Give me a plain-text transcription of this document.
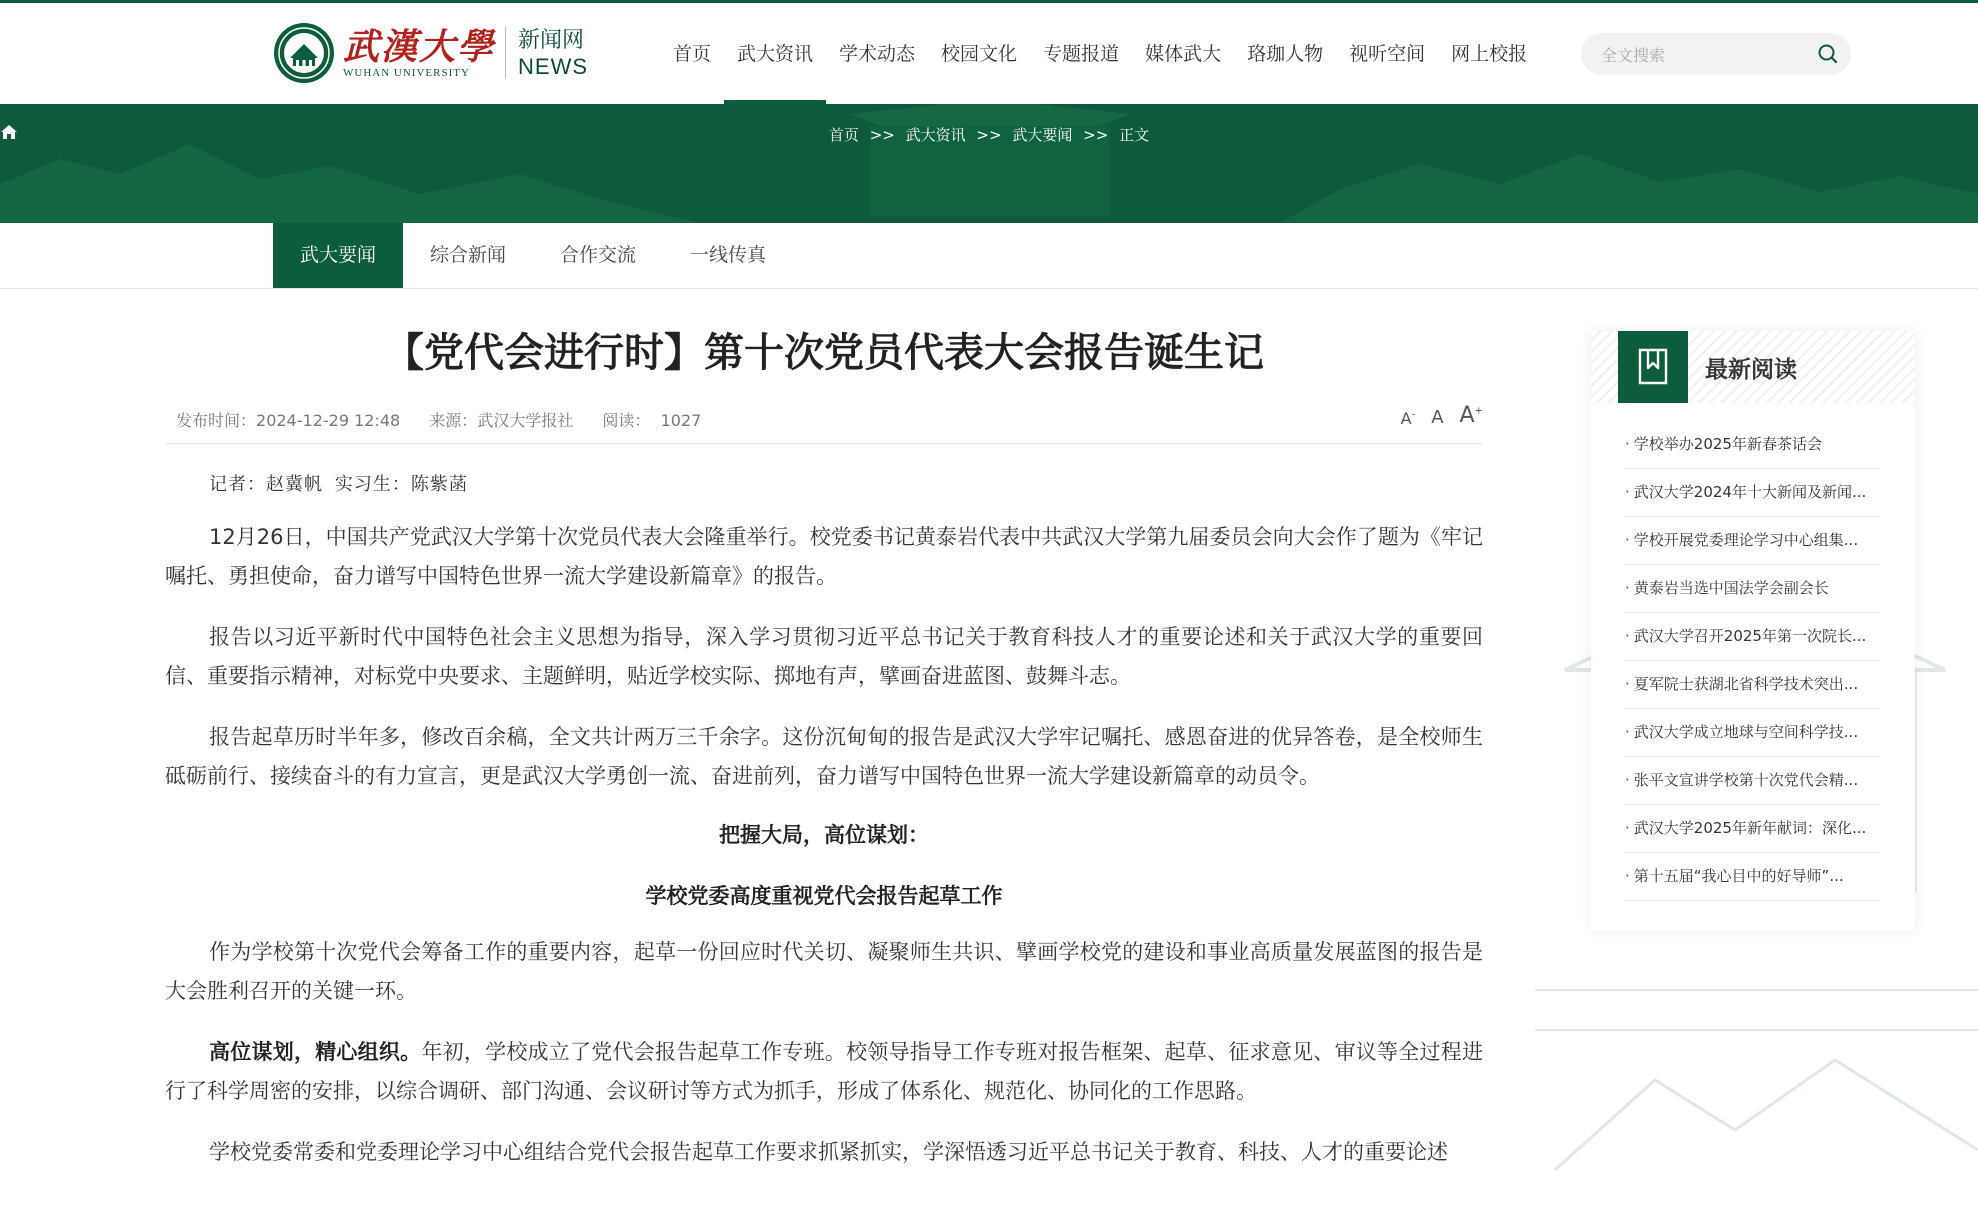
武漢大學
WUHAN UNIVERSITY
新闻网
NEWS	首页	武大资讯	学术动态	校园文化	专题报道	媒体武大	珞珈人物	视听空间	网上校报
全文搜索
首页 >> 武大资讯 >> 武大要闻 >> 正文
武大要闻	综合新闻	合作交流	一线传真
【党代会进行时】第十次党员代表大会报告诞生记
发布时间：2024-12-29 12:48 来源：武汉大学报社 阅读： 1027	A- A A+
记者：赵冀帆 实习生：陈紫菡

12月26日，中国共产党武汉大学第十次党员代表大会隆重举行。校党委书记黄泰岩代表中共武汉大学第九届委员会向大会作了题为《牢记嘱托、勇担使命，奋力谱写中国特色世界一流大学建设新篇章》的报告。

报告以习近平新时代中国特色社会主义思想为指导，深入学习贯彻习近平总书记关于教育科技人才的重要论述和关于武汉大学的重要回信、重要指示精神，对标党中央要求、主题鲜明，贴近学校实际、掷地有声，擘画奋进蓝图、鼓舞斗志。

报告起草历时半年多，修改百余稿，全文共计两万三千余字。这份沉甸甸的报告是武汉大学牢记嘱托、感恩奋进的优异答卷，是全校师生砥砺前行、接续奋斗的有力宣言，更是武汉大学勇创一流、奋进前列，奋力谱写中国特色世界一流大学建设新篇章的动员令。

把握大局，高位谋划：
学校党委高度重视党代会报告起草工作

作为学校第十次党代会筹备工作的重要内容，起草一份回应时代关切、凝聚师生共识、擘画学校党的建设和事业高质量发展蓝图的报告是大会胜利召开的关键一环。

高位谋划，精心组织。年初，学校成立了党代会报告起草工作专班。校领导指导工作专班对报告框架、起草、征求意见、审议等全过程进行了科学周密的安排，以综合调研、部门沟通、会议研讨等方式为抓手，形成了体系化、规范化、协同化的工作思路。

学校党委常委和党委理论学习中心组结合党代会报告起草工作要求抓紧抓实，学深悟透习近平总书记关于教育、科技、人才的重要论述

最新阅读
· 学校举办2025年新春茶话会
· 武汉大学2024年十大新闻及新闻...
· 学校开展党委理论学习中心组集...
· 黄泰岩当选中国法学会副会长
· 武汉大学召开2025年第一次院长...
· 夏军院士获湖北省科学技术突出...
· 武汉大学成立地球与空间科学技...
· 张平文宣讲学校第十次党代会精...
· 武汉大学2025年新年献词：深化...
· 第十五届“我心目中的好导师”...
